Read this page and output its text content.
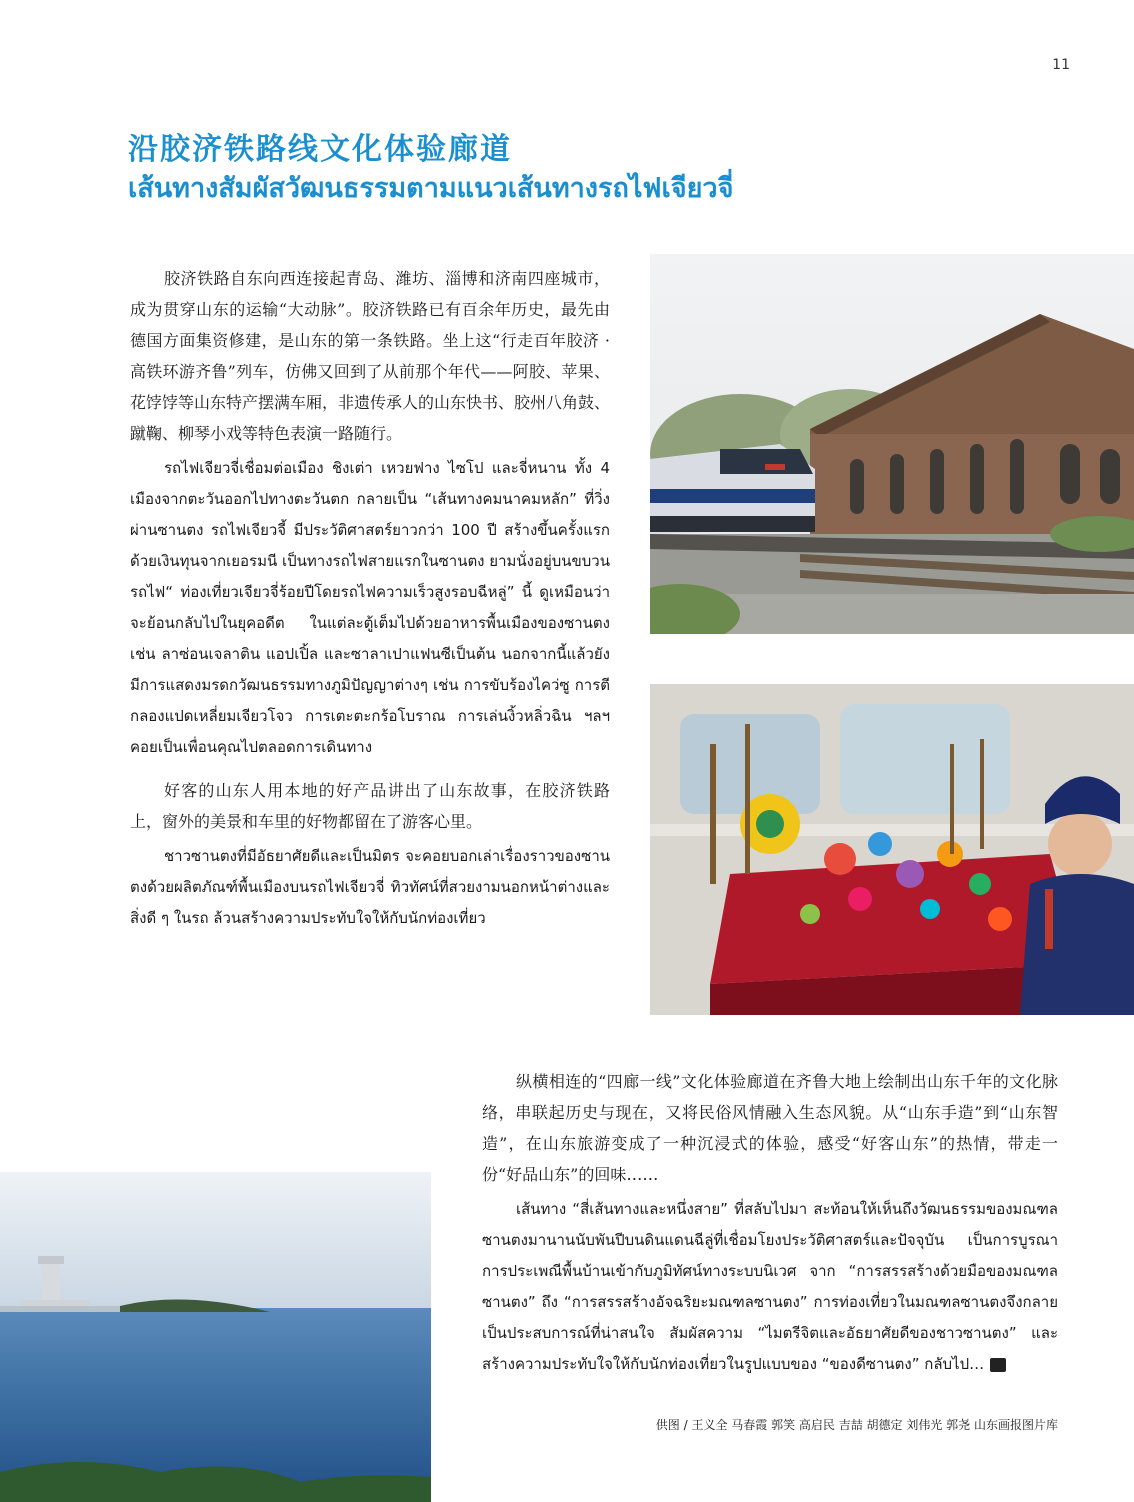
11
沿胶济铁路线文化体验廊道
เส้นทางสัมผัสวัฒนธรรมตามแนวเส้นทางรถไฟเจียวจี่

胶济铁路自东向西连接起青岛、潍坊、淄博和济南四座城市，成为贯穿山东的运输“大动脉”。胶济铁路已有百余年历史，最先由德国方面集资修建，是山东的第一条铁路。坐上这“行走百年胶济 · 高铁环游齐鲁”列车，仿佛又回到了从前那个年代——阿胶、苹果、花饽饽等山东特产摆满车厢，非遗传承人的山东快书、胶州八角鼓、蹴鞠、柳琴小戏等特色表演一路随行。

รถไฟเจียวจี่เชื่อมต่อเมือง ชิงเต่า เหวยฟาง ไซโป และจี่หนาน ทั้ง 4 เมืองจากตะวันออกไปทางตะวันตก กลายเป็น “เส้นทางคมนาคมหลัก” ที่วิ่งผ่านซานตง รถไฟเจียวจี้ มีประวัติศาสตร์ยาวกว่า 100 ปี สร้างขึ้นครั้งแรกด้วยเงินทุนจากเยอรมนี เป็นทางรถไฟสายแรกในซานตง ยามนั่งอยู่บนขบวนรถไฟ“ ท่องเที่ยวเจียวจี่ร้อยปีโดยรถไฟความเร็วสูงรอบฉีหลู่” นี้ ดูเหมือนว่าจะย้อนกลับไปในยุคอดีต ในแต่ละตู้เต็มไปด้วยอาหารพื้นเมืองของซานตง เช่น ลาซ่อนเจลาติน แอปเปิ้ล และซาลาเปาแฟนซีเป็นต้น นอกจากนี้แล้วยังมีการแสดงมรดกวัฒนธรรมทางภูมิปัญญาต่างๆ เช่น การขับร้องไคว่ซู การตีกลองแปดเหลี่ยมเจียวโจว การเตะตะกร้อโบราณ การเล่นงิ้วหลิ่วฉิน ฯลฯ คอยเป็นเพื่อนคุณไปตลอดการเดินทาง

好客的山东人用本地的好产品讲出了山东故事，在胶济铁路上，窗外的美景和车里的好物都留在了游客心里。

ชาวซานตงที่มีอัธยาศัยดีและเป็นมิตร จะคอยบอกเล่าเรื่องราวของซานตงด้วยผลิตภัณฑ์พื้นเมืองบนรถไฟเจียวจี่ ทิวทัศน์ที่สวยงามนอกหน้าต่างและสิ่งดี ๆ ในรถ ล้วนสร้างความประทับใจให้กับนักท่องเที่ยว

纵横相连的“四廊一线”文化体验廊道在齐鲁大地上绘制出山东千年的文化脉络，串联起历史与现在，又将民俗风情融入生态风貌。从“山东手造”到“山东智造”，在山东旅游变成了一种沉浸式的体验，感受“好客山东”的热情，带走一份“好品山东”的回味……

เส้นทาง “สี่เส้นทางและหนึ่งสาย” ที่สลับไปมา สะท้อนให้เห็นถึงวัฒนธรรมของมณฑลซานตงมานานนับพันปีบนดินแดนฉีลู่ที่เชื่อมโยงประวัติศาสตร์และปัจจุบัน เป็นการบูรณาการประเพณีพื้นบ้านเข้ากับภูมิทัศน์ทางระบบนิเวศ จาก “การสรรสร้างด้วยมือของมณฑลซานตง” ถึง “การสรรสร้างอัจฉริยะมณฑลซานตง” การท่องเที่ยวในมณฑลซานตงจึงกลายเป็นประสบการณ์ที่น่าสนใจ สัมผัสความ “ไมตรีจิตและอัธยาศัยดีของชาวซานตง” และสร้างความประทับใจให้กับนักท่องเที่ยวในรูปแบบของ “ของดีซานตง” กลับไป…	丝

供图 / 王义全 马春霞 郭笑 高启民 吉喆 胡德定 刘伟光 郭尧 山东画报图片库
